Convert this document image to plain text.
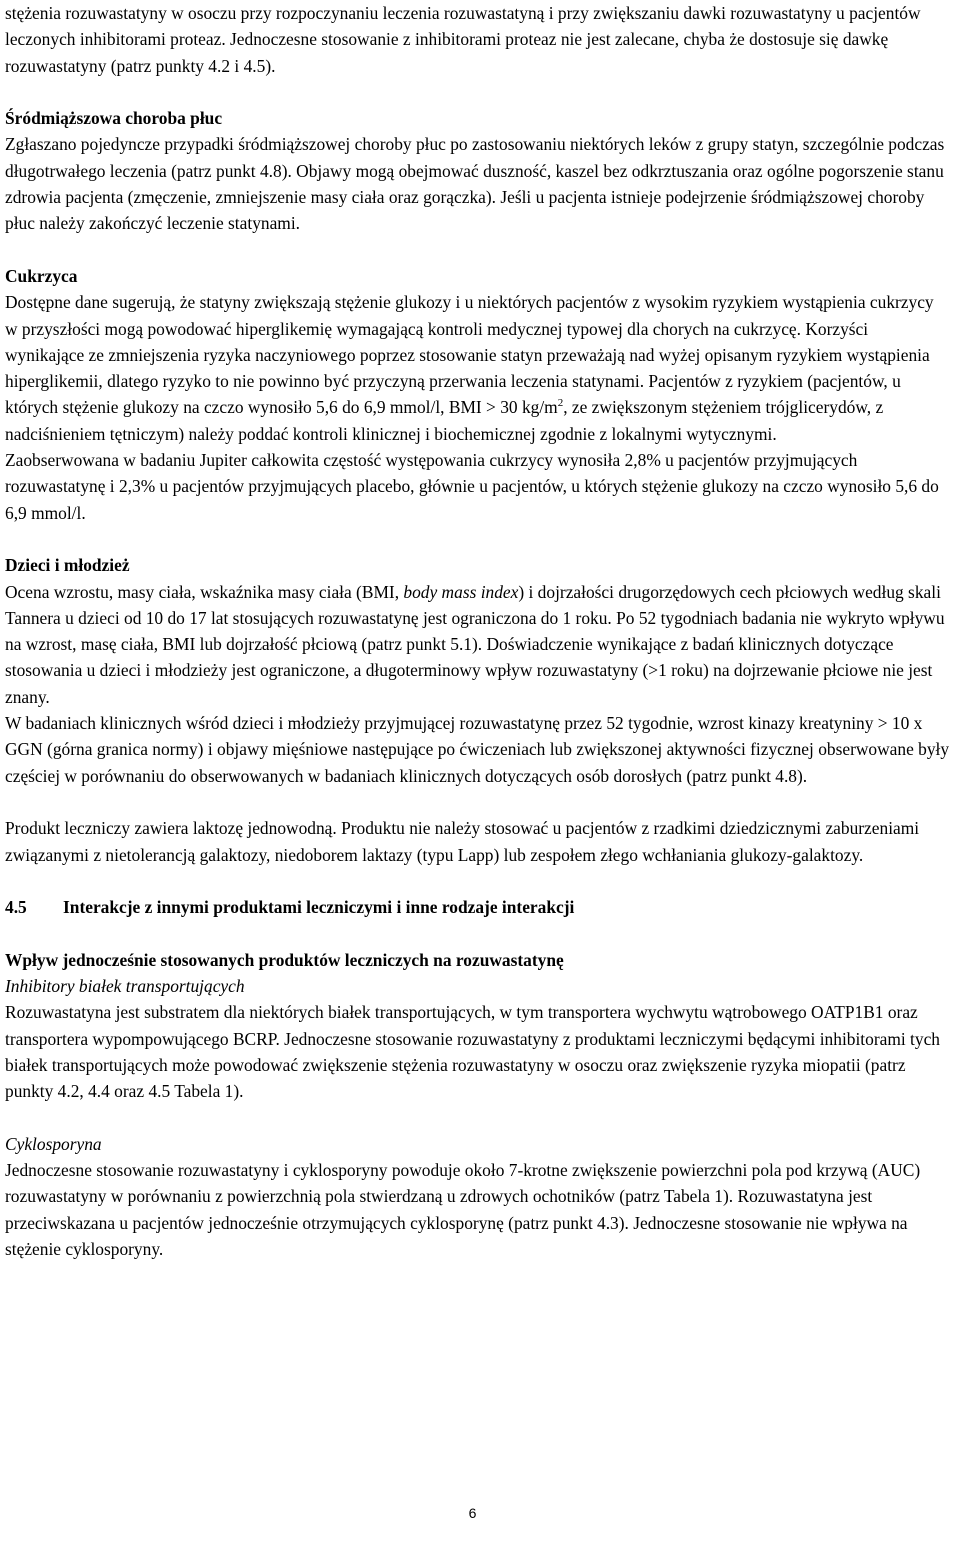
stężenia rozuwastatyny w osoczu przy rozpoczynaniu leczenia rozuwastatyną i przy zwiększaniu dawki rozuwastatyny u pacjentów leczonych inhibitorami proteaz. Jednoczesne stosowanie z inhibitorami proteaz nie jest zalecane, chyba że dostosuje się dawkę rozuwastatyny (patrz punkty 4.2 i 4.5).

Śródmiąższowa choroba płuc

Zgłaszano pojedyncze przypadki śródmiąższowej choroby płuc po zastosowaniu niektórych leków z grupy statyn, szczególnie podczas długotrwałego leczenia (patrz punkt 4.8). Objawy mogą obejmować duszność, kaszel bez odkrztuszania oraz ogólne pogorszenie stanu zdrowia pacjenta (zmęczenie, zmniejszenie masy ciała oraz gorączka). Jeśli u pacjenta istnieje podejrzenie śródmiąższowej choroby płuc należy zakończyć leczenie statynami.

Cukrzyca

Dostępne dane sugerują, że statyny zwiększają stężenie glukozy i u niektórych pacjentów z wysokim ryzykiem wystąpienia cukrzycy w przyszłości mogą powodować hiperglikemię wymagającą kontroli medycznej typowej dla chorych na cukrzycę. Korzyści wynikające ze zmniejszenia ryzyka naczyniowego poprzez stosowanie statyn przeważają nad wyżej opisanym ryzykiem wystąpienia hiperglikemii, dlatego ryzyko to nie powinno być przyczyną przerwania leczenia statynami. Pacjentów z ryzykiem (pacjentów, u których stężenie glukozy na czczo wynosiło 5,6 do 6,9 mmol/l, BMI > 30 $kg/m^2$, ze zwiększonym stężeniem trójglicerydów, z nadciśnieniem tętniczym) należy poddać kontroli klinicznej i biochemicznej zgodnie z lokalnymi wytycznymi.

Zaobserwowana w badaniu Jupiter całkowita częstość występowania cukrzycy wynosiła 2,8% u pacjentów przyjmujących rozuwastatynę i 2,3% u pacjentów przyjmujących placebo, głównie u pacjentów, u których stężenie glukozy na czczo wynosiło 5,6 do 6,9 mmol/l.

Dzieci i młodzież

Ocena wzrostu, masy ciała, wskaźnika masy ciała (BMI, body mass index) i dojrzałości drugorzędowych cech płciowych według skali Tannera u dzieci od 10 do 17 lat stosujących rozuwastatynę jest ograniczona do 1 roku. Po 52 tygodniach badania nie wykryto wpływu na wzrost, masę ciała, BMI lub dojrzałość płciową (patrz punkt 5.1). Doświadczenie wynikające z badań klinicznych dotyczące stosowania u dzieci i młodzieży jest ograniczone, a długoterminowy wpływ rozuwastatyny (>1 roku) na dojrzewanie płciowe nie jest znany.

W badaniach klinicznych wśród dzieci i młodzieży przyjmującej rozuwastatynę przez 52 tygodnie, wzrost kinazy kreatyniny > 10 x GGN (górna granica normy) i objawy mięśniowe następujące po ćwiczeniach lub zwiększonej aktywności fizycznej obserwowane były częściej w porównaniu do obserwowanych w badaniach klinicznych dotyczących osób dorosłych (patrz punkt 4.8).

Produkt leczniczy zawiera laktozę jednowodną. Produktu nie należy stosować u pacjentów z rzadkimi dziedzicznymi zaburzeniami związanymi z nietolerancją galaktozy, niedoborem laktazy (typu Lapp) lub zespołem złego wchłaniania glukozy-galaktozy.

4.5 Interakcje z innymi produktami leczniczymi i inne rodzaje interakcji

Wpływ jednocześnie stosowanych produktów leczniczych na rozuwastatynę

Inhibitory białek transportujących

Rozuwastatyna jest substratem dla niektórych białek transportujących, w tym transportera wychwytu wątrobowego OATP1B1 oraz transportera wypompowującego BCRP. Jednoczesne stosowanie rozuwastatyny z produktami leczniczymi będącymi inhibitorami tych białek transportujących może powodować zwiększenie stężenia rozuwastatyny w osoczu oraz zwiększenie ryzyka miopatii (patrz punkty 4.2, 4.4 oraz 4.5 Tabela 1).

Cyklosporyna

Jednoczesne stosowanie rozuwastatyny i cyklosporyny powoduje około 7-krotne zwiększenie powierzchni pola pod krzywą (AUC) rozuwastatyny w porównaniu z powierzchnią pola stwierdzaną u zdrowych ochotników (patrz Tabela 1). Rozuwastatyna jest przeciwskazana u pacjentów jednocześnie otrzymujących cyklosporynę (patrz punkt 4.3). Jednoczesne stosowanie nie wpływa na stężenie cyklosporyny.

6
